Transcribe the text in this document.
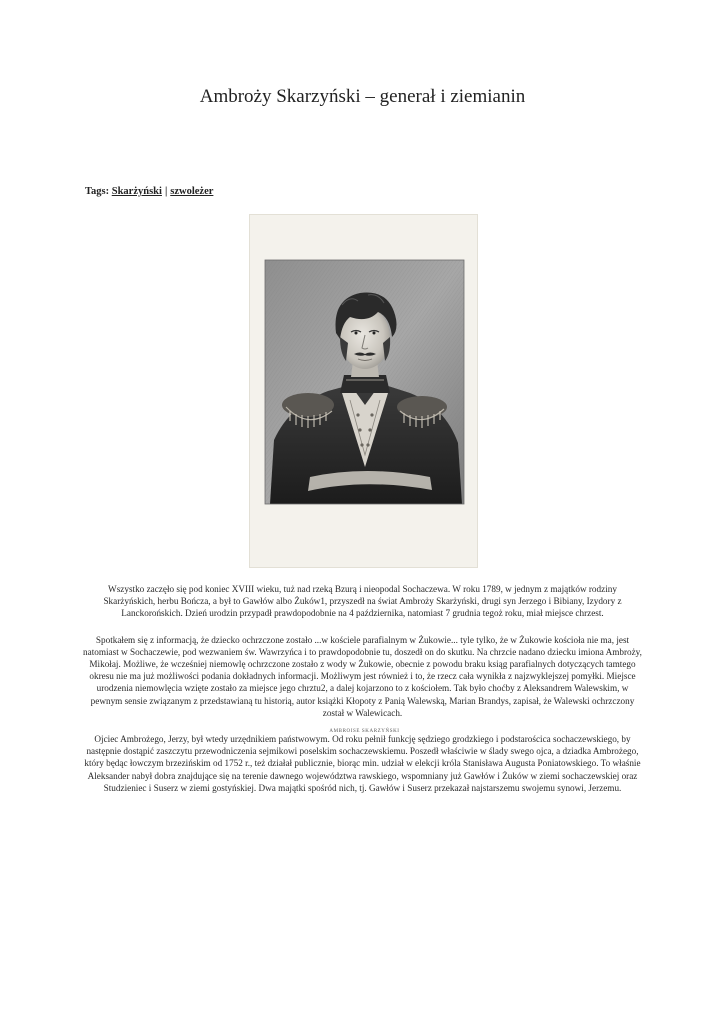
Ambroży Skarzyński – generał i ziemianin
Tags: Skarżyński | szwoleżer
AMBROISE SKARZYŃSKI

Wszystko zaczęło się pod koniec XVIII wieku, tuż nad rzeką Bzurą i nieopodal Sochaczewa. W roku 1789, w jednym z majątków rodziny Skarżyńskich, herbu Bończa, a był to Gawłów albo Żuków1, przyszedł na świat Ambroży Skarżyński, drugi syn Jerzego i Bibiany, Izydory z Lanckorońskich. Dzień urodzin przypadł prawdopodobnie na 4 października, natomiast 7 grudnia tegoż roku, miał miejsce chrzest.

Spotkałem się z informacją, że dziecko ochrzczone zostało ...w kościele parafialnym w Żukowie... tyle tylko, że w Żukowie kościoła nie ma, jest natomiast w Sochaczewie, pod wezwaniem św. Wawrzyńca i to prawdopodobnie tu, doszedł on do skutku. Na chrzcie nadano dziecku imiona Ambroży, Mikołaj. Możliwe, że wcześniej niemowlę ochrzczone zostało z wody w Żukowie, obecnie z powodu braku ksiąg parafialnych dotyczących tamtego okresu nie ma już możliwości podania dokładnych informacji. Możliwym jest również i to, że rzecz cała wynikła z najzwyklejszej pomyłki. Miejsce urodzenia niemowlęcia wzięte zostało za miejsce jego chrztu2, a dalej kojarzono to z kościołem. Tak było choćby z Aleksandrem Walewskim, w pewnym sensie związanym z przedstawianą tu historią, autor książki Kłopoty z Panią Walewską, Marian Brandys, zapisał, że Walewski ochrzczony został w Walewicach.

Ojciec Ambrożego, Jerzy, był wtedy urzędnikiem państwowym. Od roku pełnił funkcję sędziego grodzkiego i podstarościca sochaczewskiego, by następnie dostąpić zaszczytu przewodniczenia sejmikowi poselskim sochaczewskiemu. Poszedł właściwie w ślady swego ojca, a dziadka Ambrożego, który będąc łowczym brzezińskim od 1752 r., też działał publicznie, biorąc min. udział w elekcji króla Stanisława Augusta Poniatowskiego. To właśnie Aleksander nabył dobra znajdujące się na terenie dawnego województwa rawskiego, wspomniany już Gawłów i Żuków w ziemi sochaczewskiej oraz Studzieniec i Suserz w ziemi gostyńskiej. Dwa majątki spośród nich, tj. Gawłów i Suserz przekazał najstarszemu swojemu synowi, Jerzemu.
